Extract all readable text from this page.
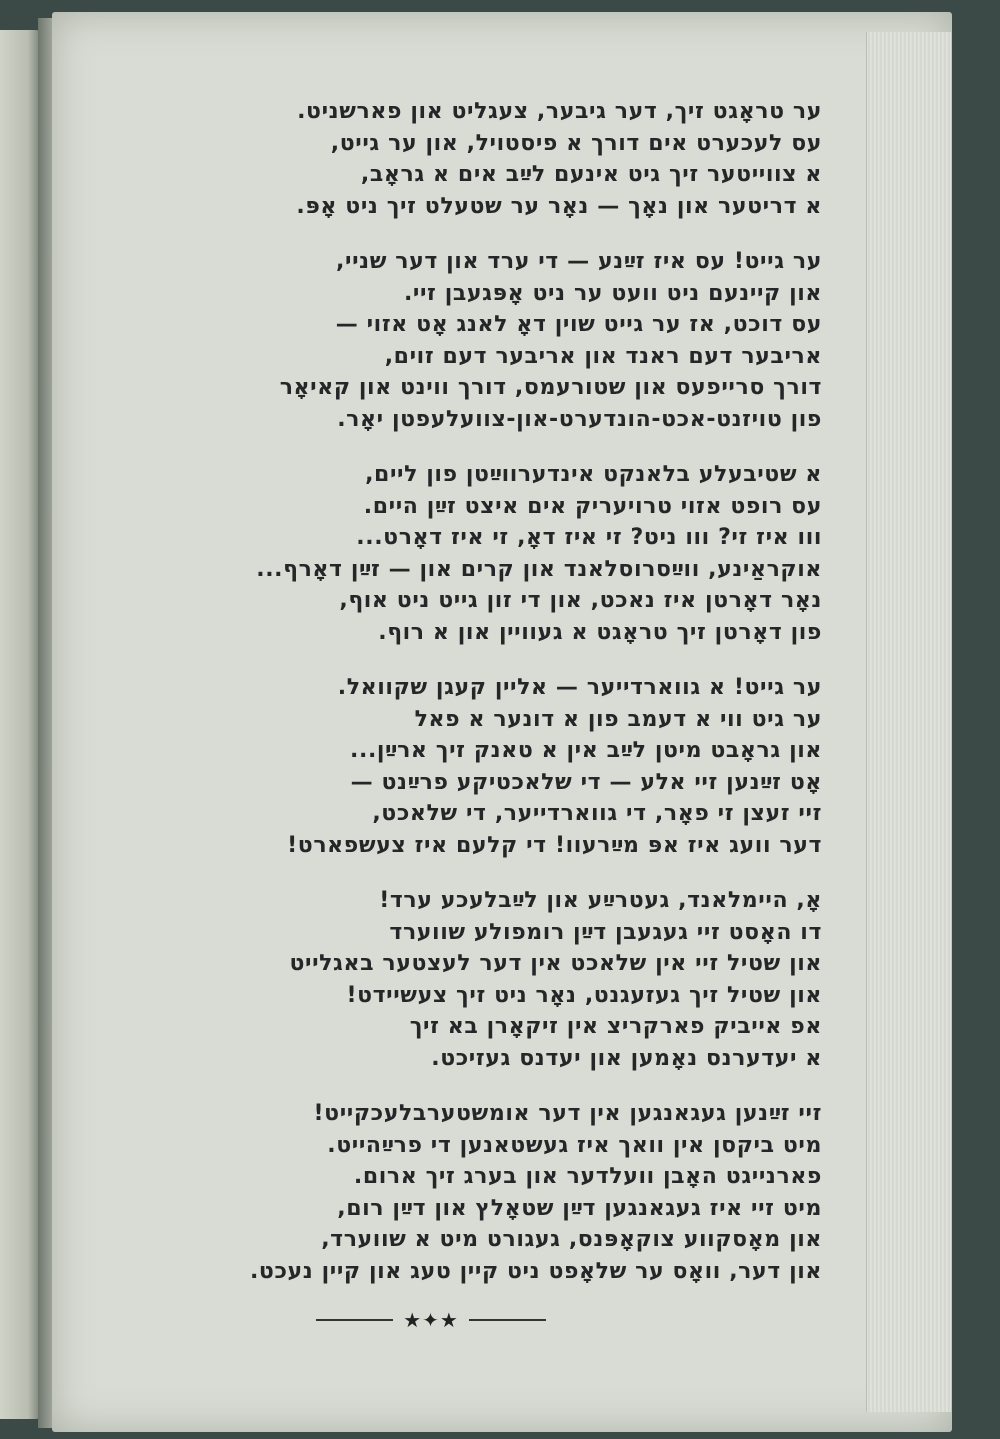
ער טראָגט זיך, דער גיבער, צעגליט און פארשניט.
עס לעכערט אים דורך א פיסטויל, און ער גייט,
א צווייטער זיך גיט אינעם לײַב אים א גראָב,
א דריטער און נאָך — נאָר ער שטעלט זיך ניט אָפּ.
ער גייט! עס איז זײַנע — די ערד און דער שניי,
און קיינעם ניט וועט ער ניט אָפּגעבן זיי.
עס דוכט, אז ער גייט שוין דאָ לאנג אָט אזוי —
אריבער דעם ראנד און אריבער דעם זוים,
דורך סרייפעס און שטורעמס, דורך ווינט און קאיאָר
פון טויזנט-אכט-הונדערט-און-צוועלעפטן יאָר.
א שטיבעלע בלאנקט אינדערווײַטן פון ליים,
עס רופט אזוי טרויעריק אים איצט זײַן היים.
ווו איז זי? ווו ניט? זי איז דאָ, זי איז דאָרט...
אוקראַינע, ווײַסרוסלאנד און קרים און — זײַן דאָרף...
נאָר דאָרטן איז נאכט, און די זון גייט ניט אוף,
פון דאָרטן זיך טראָגט א געוויין און א רוף.
ער גייט! א גווארדייער — אליין קעגן שקוואל.
ער גיט ווי א דעמב פון א דונער א פאל
און גראָבט מיטן לײַב אין א טאנק זיך ארײַן...
אָט זײַנען זיי אלע — די שלאכטיקע פרײַנט —
זיי זעצן זי פאָר, די גווארדייער, די שלאכט,
דער וועג איז אפּ מײַרעוו! די קלעם איז צעשפארט!
אָ, היימלאנד, געטרײַע און לײַבלעכע ערד!
דו האָסט זיי געגעבן דײַן רומפולע שווערד
און שטיל זיי אין שלאכט אין דער לעצטער באגלייט
און שטיל זיך געזעגנט, נאָר ניט זיך צעשיידט!
אפ אייביק פארקריצ אין זיקאָרן בא זיך
א יעדערנס נאָמען און יעדנס געזיכט.
זיי זײַנען געגאנגען אין דער אומשטערבלעכקייט!
מיט ביקסן אין וואך איז געשטאנען די פרײַהייט.
פארנייגט האָבן וועלדער און בערג זיך ארום.
מיט זיי איז געגאנגען דײַן שטאָלץ און דײַן רום,
און מאָסקווע צוקאָפּנס, געגורט מיט א שווערד,
און דער, וואָס ער שלאָפט ניט קיין טעג און קיין נעכט.
★✦★
